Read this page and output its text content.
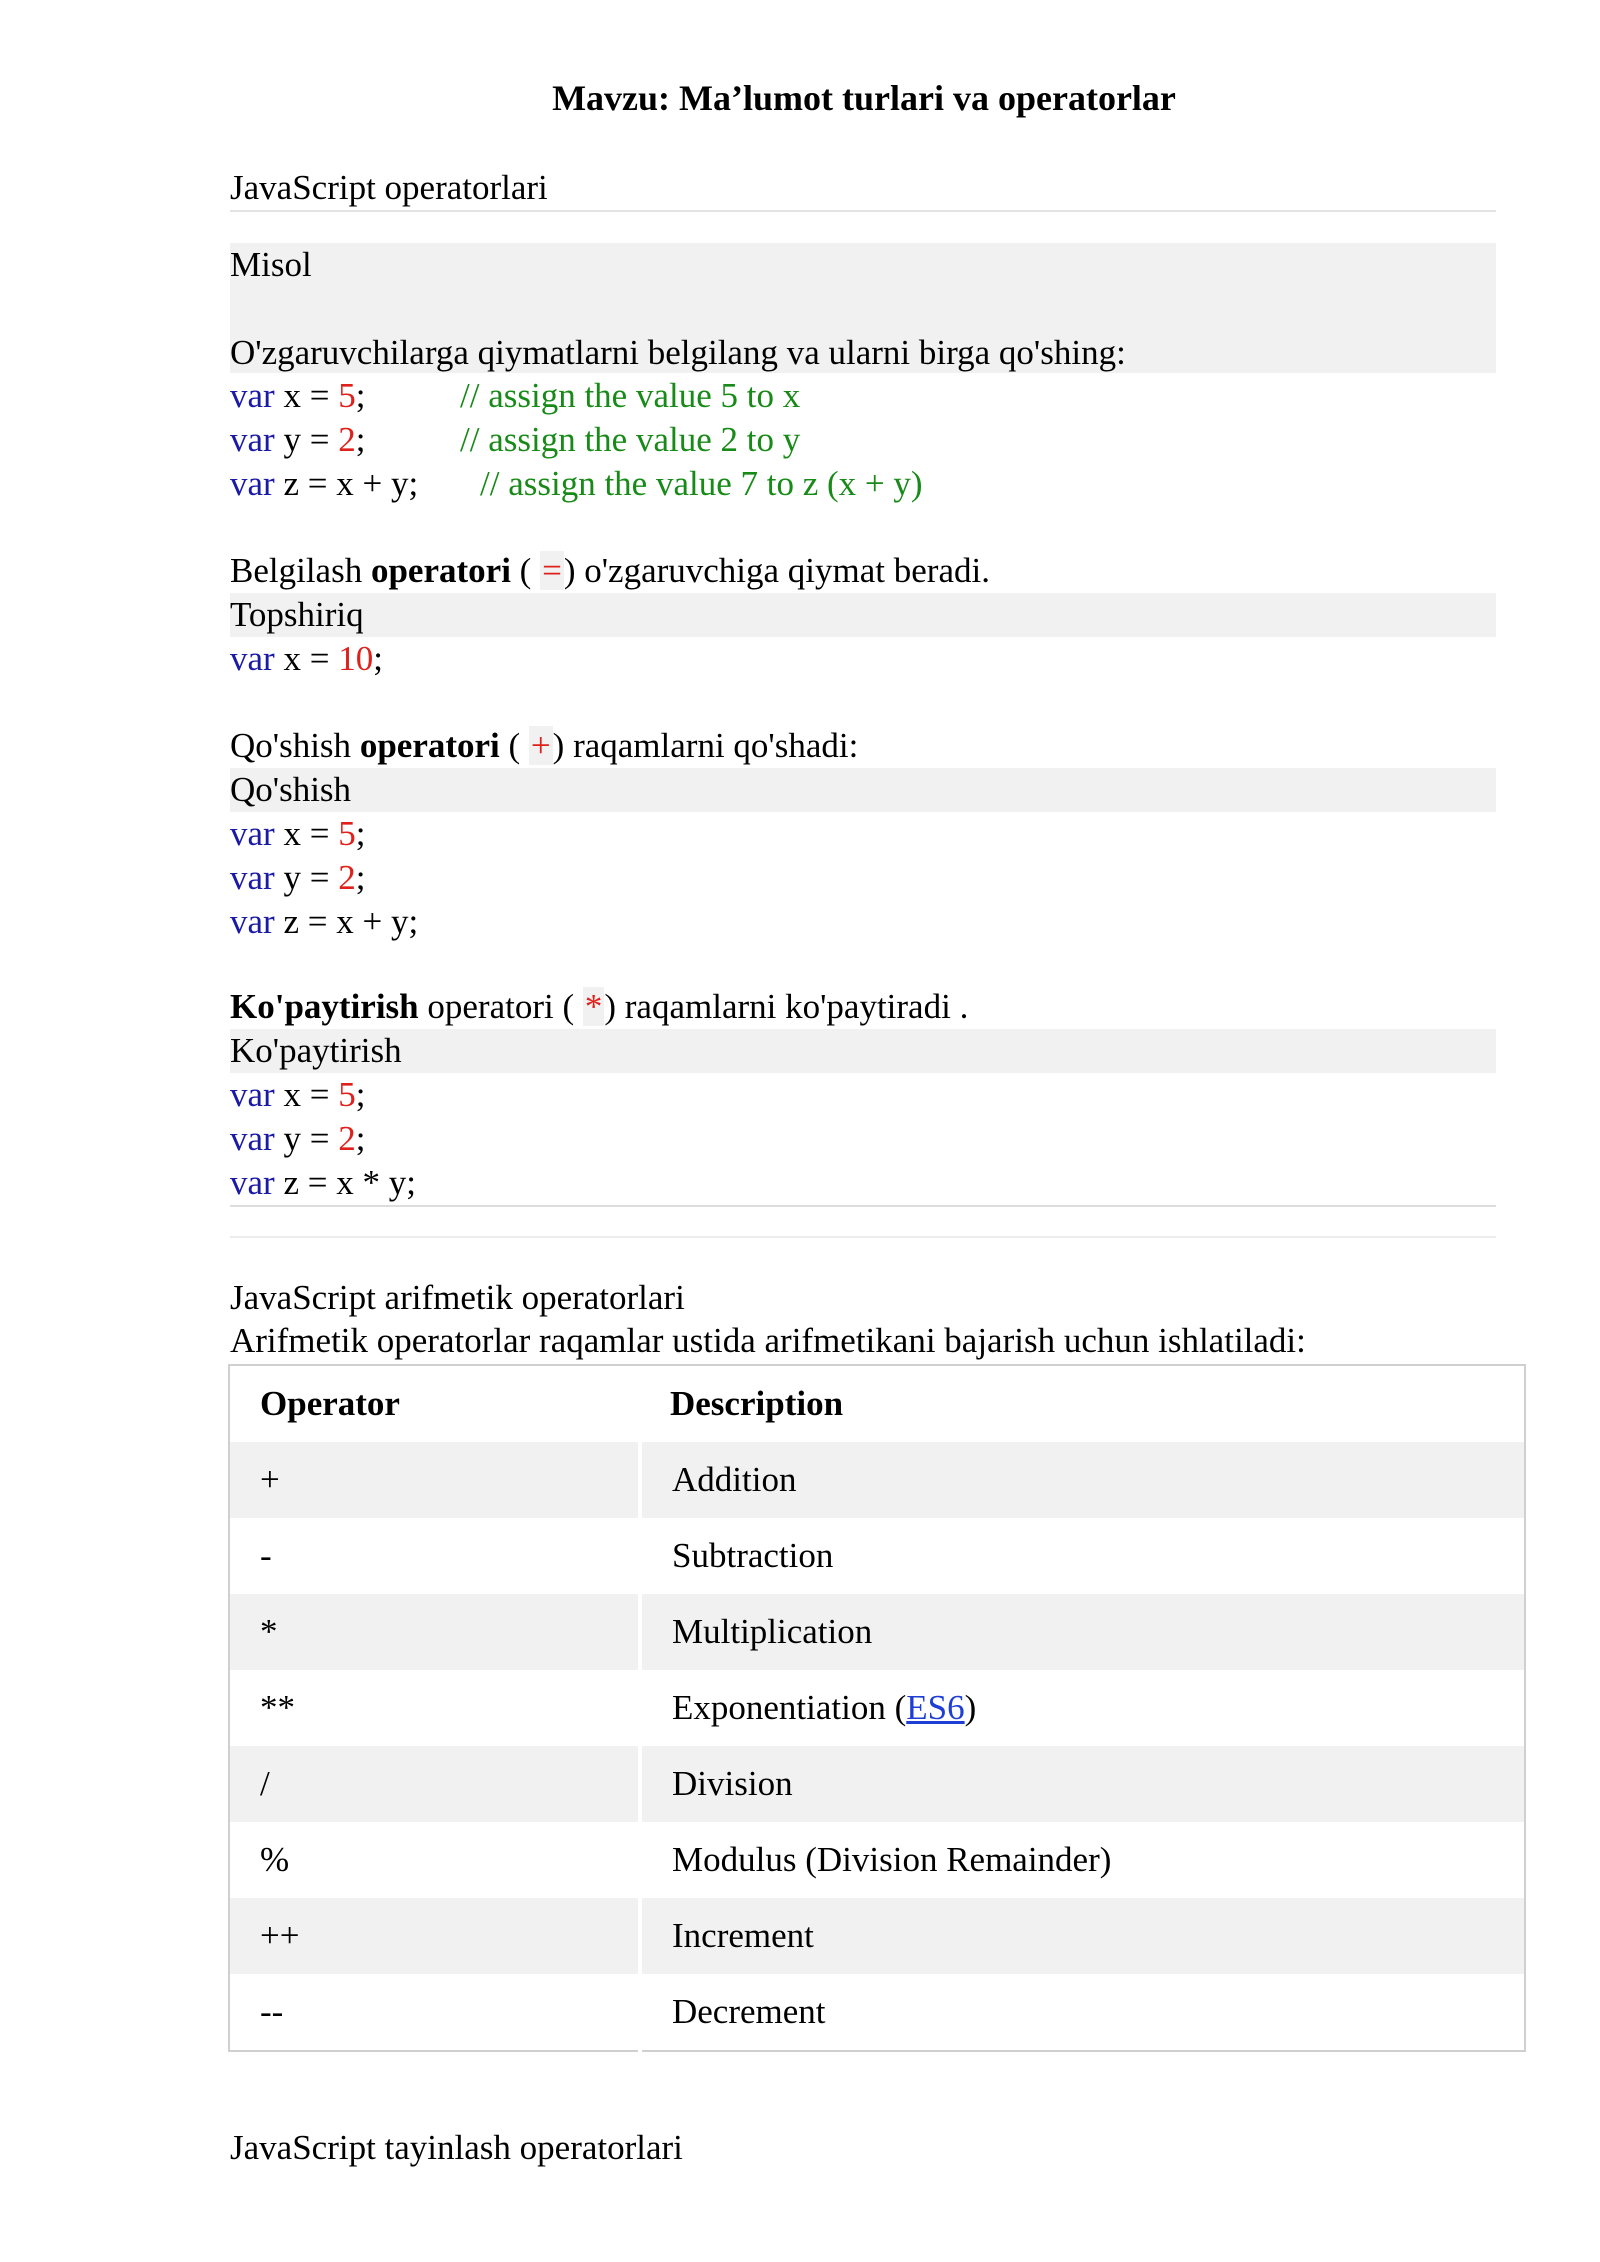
Mavzu: Ma’lumot turlari va operatorlar
JavaScript operatorlari
Misol
O'zgaruvchilarga qiymatlarni belgilang va ularni birga qo'shing:
var x = 5;	// assign the value 5 to x
var y = 2;	// assign the value 2 to y
var z = x + y; // assign the value 7 to z (x + y)
Belgilash operatori ( =) o'zgaruvchiga qiymat beradi.
Topshiriq
var x = 10;
Qo'shish operatori ( +) raqamlarni qo'shadi:
Qo'shish
var x = 5;
var y = 2;
var z = x + y;
Ko'paytirish operatori ( *) raqamlarni ko'paytiradi .
Ko'paytirish
var x = 5;
var y = 2;
var z = x * y;
JavaScript arifmetik operatorlari
Arifmetik operatorlar raqamlar ustida arifmetikani bajarish uchun ishlatiladi:
Operator	Description
+	Addition
-	Subtraction
*	Multiplication
**	Exponentiation (ES6)
/	Division
%	Modulus (Division Remainder)
++	Increment
--	Decrement
JavaScript tayinlash operatorlari
